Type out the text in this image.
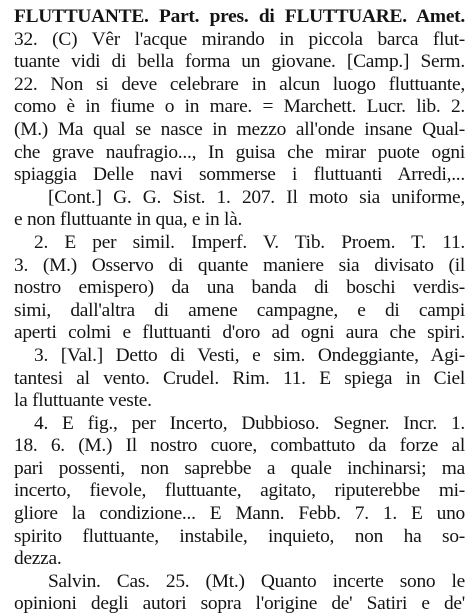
FLUTTUANTE. Part. pres. di FLUTTUARE. Amet.
32. (C) Vêr l'acque mirando in piccola barca flut-
tuante vidi di bella forma un giovane. [Camp.] Serm.
22. Non si deve celebrare in alcun luogo fluttuante,
como è in fiume o in mare. = Marchett. Lucr. lib. 2.
(M.) Ma qual se nasce in mezzo all'onde insane Qual-
che grave naufragio..., In guisa che mirar puote ogni
spiaggia Delle navi sommerse i fluttuanti Arredi,...
[Cont.] G. G. Sist. 1. 207. Il moto sia uniforme,
e non fluttuante in qua, e in là.
2. E per simil. Imperf. V. Tib. Proem. T. 11.
3. (M.) Osservo di quante maniere sia divisato (il
nostro emispero) da una banda di boschi verdis-
simi, dall'altra di amene campagne, e di campi
aperti colmi e fluttuanti d'oro ad ogni aura che spiri.
3. [Val.] Detto di Vesti, e sim. Ondeggiante, Agi-
tantesi al vento. Crudel. Rim. 11. E spiega in Ciel
la fluttuante veste.
4. E fig., per Incerto, Dubbioso. Segner. Incr. 1.
18. 6. (M.) Il nostro cuore, combattuto da forze al
pari possenti, non saprebbe a quale inchinarsi; ma
incerto, fievole, fluttuante, agitato, riputerebbe mi-
gliore la condizione... E Mann. Febb. 7. 1. E uno
spirito fluttuante, instabile, inquieto, non ha so-
dezza.
Salvin. Cas. 25. (Mt.) Quanto incerte sono le
opinioni degli autori sopra l'origine de' Satiri e de'
